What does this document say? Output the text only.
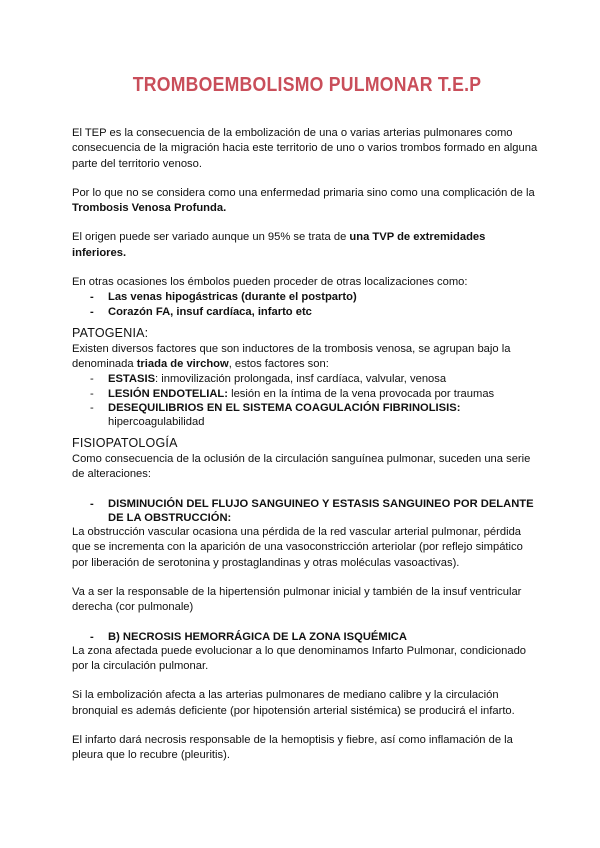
TROMBOEMBOLISMO PULMONAR T.E.P

El TEP es la consecuencia de la embolización de una o varias arterias pulmonares como consecuencia de la migración hacia este territorio de uno o varios trombos formado en alguna parte del territorio venoso.

Por lo que no se considera como una enfermedad primaria sino como una complicación de la Trombosis Venosa Profunda.

El origen puede ser variado aunque un 95% se trata de una TVP de extremidades inferiores.

En otras ocasiones los émbolos pueden proceder de otras localizaciones como:

- Las venas hipogástricas (durante el postparto)
- Corazón FA, insuf cardíaca, infarto etc
PATOGENIA:

Existen diversos factores que son inductores de la trombosis venosa, se agrupan bajo la denominada triada de virchow, estos factores son:

- ESTASIS: inmovilización prolongada, insf cardíaca, valvular, venosa
- LESIÓN ENDOTELIAL: lesión en la íntima de la vena provocada por traumas
- DESEQUILIBRIOS EN EL SISTEMA COAGULACIÓN FIBRINOLISIS:
hipercoagulabilidad
FISIOPATOLOGÍA

Como consecuencia de la oclusión de la circulación sanguínea pulmonar, suceden una serie de alteraciones:

- DISMINUCIÓN DEL FLUJO SANGUINEO Y ESTASIS SANGUINEO POR DELANTE DE LA OBSTRUCCIÓN:

La obstrucción vascular ocasiona una pérdida de la red vascular arterial pulmonar, pérdida que se incrementa con la aparición de una vasoconstricción arteriolar (por reflejo simpático por liberación de serotonina y prostaglandinas y otras moléculas vasoactivas).

Va a ser la responsable de la hipertensión pulmonar inicial y también de la insuf ventricular derecha (cor pulmonale)

- B) NECROSIS HEMORRÁGICA DE LA ZONA ISQUÉMICA

La zona afectada puede evolucionar a lo que denominamos Infarto Pulmonar, condicionado por la circulación pulmonar.

Si la embolización afecta a las arterias pulmonares de mediano calibre y la circulación bronquial es además deficiente (por hipotensión arterial sistémica) se producirá el infarto.

El infarto dará necrosis responsable de la hemoptisis y fiebre, así como inflamación de la pleura que lo recubre (pleuritis).
